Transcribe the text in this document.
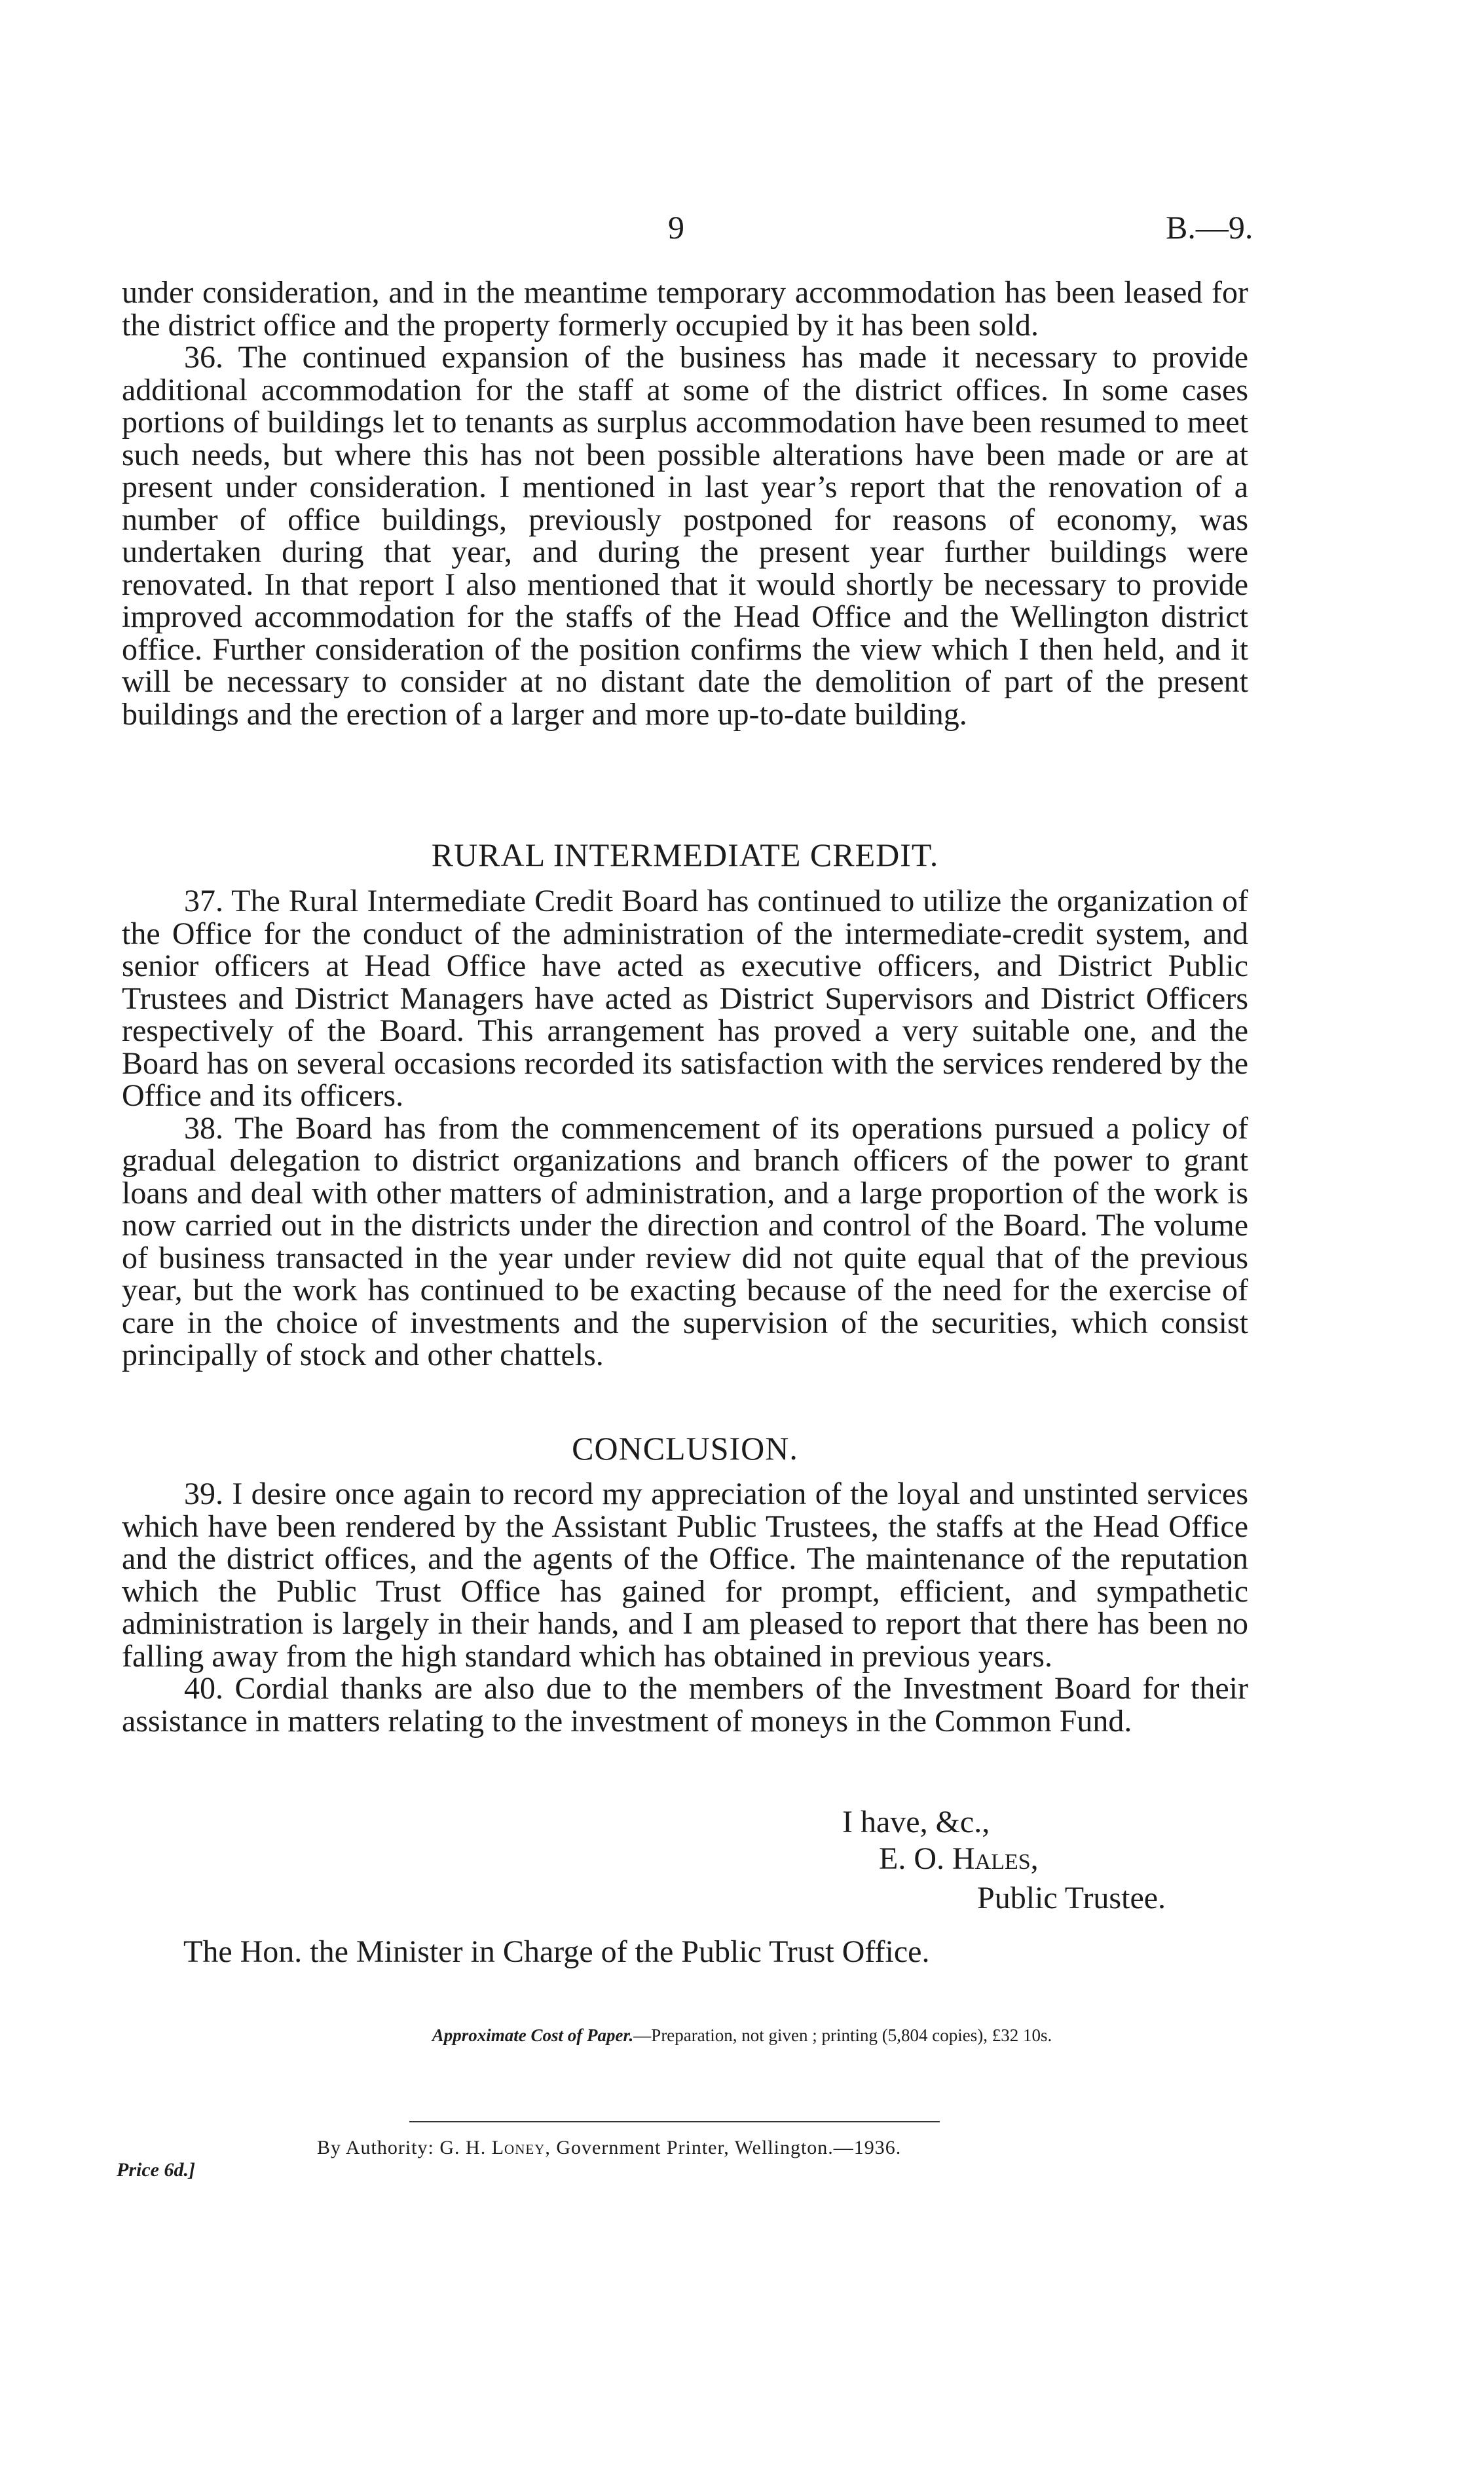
9	B.—9.

under consideration, and in the meantime temporary accommodation has been leased for the district office and the property formerly occupied by it has been sold.

36. The continued expansion of the business has made it necessary to provide additional accommodation for the staff at some of the district offices. In some cases portions of buildings let to tenants as surplus accommodation have been resumed to meet such needs, but where this has not been possible alterations have been made or are at present under consideration. I mentioned in last year’s report that the renovation of a number of office buildings, previously postponed for reasons of economy, was undertaken during that year, and during the present year further buildings were renovated. In that report I also mentioned that it would shortly be necessary to provide improved accommodation for the staffs of the Head Office and the Wellington district office. Further consideration of the position confirms the view which I then held, and it will be necessary to consider at no distant date the demolition of part of the present buildings and the erection of a larger and more up-to-date building.

RURAL INTERMEDIATE CREDIT.

37. The Rural Intermediate Credit Board has continued to utilize the organization of the Office for the conduct of the administration of the intermediate-credit system, and senior officers at Head Office have acted as executive officers, and District Public Trustees and District Managers have acted as District Supervisors and District Officers respectively of the Board. This arrangement has proved a very suitable one, and the Board has on several occasions recorded its satisfaction with the services rendered by the Office and its officers.

38. The Board has from the commencement of its operations pursued a policy of gradual delegation to district organizations and branch officers of the power to grant loans and deal with other matters of administration, and a large proportion of the work is now carried out in the districts under the direction and control of the Board. The volume of business transacted in the year under review did not quite equal that of the previous year, but the work has continued to be exacting because of the need for the exercise of care in the choice of investments and the supervision of the securities, which consist principally of stock and other chattels.

CONCLUSION.

39. I desire once again to record my appreciation of the loyal and unstinted services which have been rendered by the Assistant Public Trustees, the staffs at the Head Office and the district offices, and the agents of the Office. The maintenance of the reputation which the Public Trust Office has gained for prompt, efficient, and sympathetic administration is largely in their hands, and I am pleased to report that there has been no falling away from the high standard which has obtained in previous years.

40. Cordial thanks are also due to the members of the Investment Board for their assistance in matters relating to the investment of moneys in the Common Fund.

I have, &c.,
E. O. Hales,
Public Trustee.
The Hon. the Minister in Charge of the Public Trust Office.
Approximate Cost of Paper.—Preparation, not given ; printing (5,804 copies), £32 10s.
By Authority: G. H. Loney, Government Printer, Wellington.—1936.
Price 6d.]
